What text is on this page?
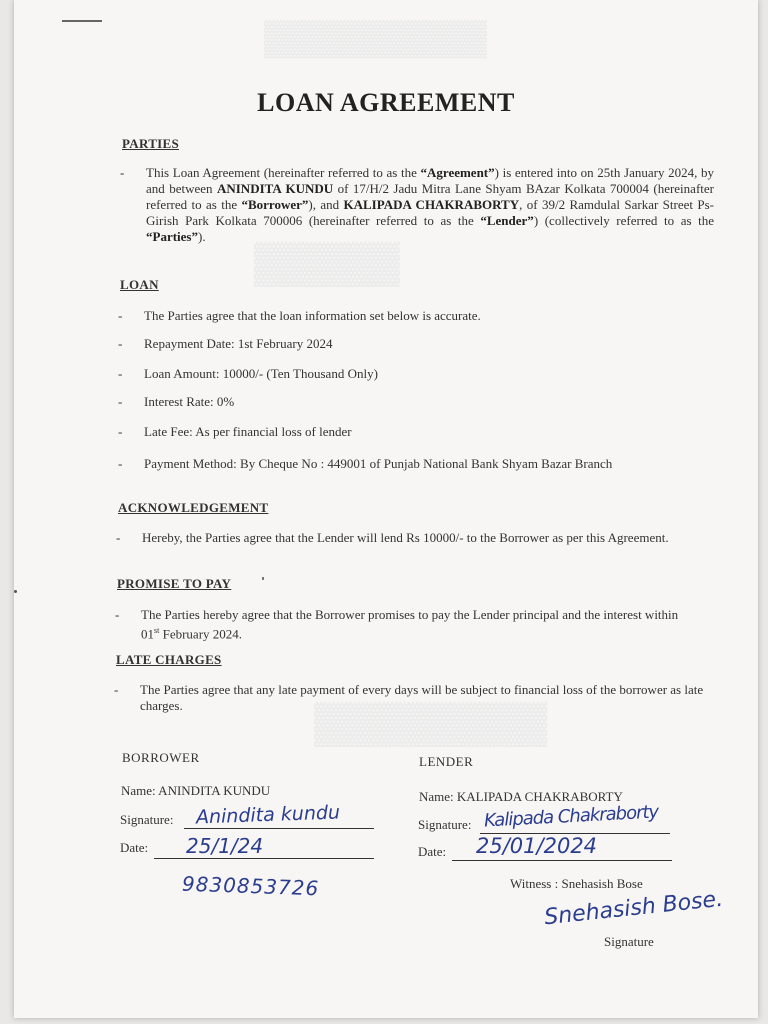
▓▓▓▓▓▓▓▓▓
▓▓▓▓▓
▓▓▓▓▓▓▓▓
LOAN AGREEMENT
PARTIES
-	This Loan Agreement (hereinafter referred to as the “Agreement”) is entered into on 25th January 2024, by and between ANINDITA KUNDU of 17/H/2 Jadu Mitra Lane Shyam BAzar Kolkata 700004 (hereinafter referred to as the “Borrower”), and KALIPADA CHAKRABORTY, of 39/2 Ramdulal Sarkar Street Ps- Girish Park Kolkata 700006 (hereinafter referred to as the “Lender”) (collectively referred to as the “Parties”).
LOAN
-	The Parties agree that the loan information set below is accurate.
-	Repayment Date: 1st February 2024
-	Loan Amount: 10000/- (Ten Thousand Only)
-	Interest Rate: 0%
-	Late Fee: As per financial loss of lender
-	Payment Method: By Cheque No : 449001 of Punjab National Bank Shyam Bazar Branch
ACKNOWLEDGEMENT
-	Hereby, the Parties agree that the Lender will lend Rs 10000/- to the Borrower as per this Agreement.
PROMISE TO PAY
-	The Parties hereby agree that the Borrower promises to pay the Lender principal and the interest within 01st February 2024.
LATE CHARGES
-	The Parties agree that any late payment of every days will be subject to financial loss of the borrower as late charges.
BORROWER
Name: ANINDITA KUNDU
Signature: Anindita kundu
Date: 25/1/24
9830853726
LENDER
Name: KALIPADA CHAKRABORTY
Signature: Kalipada Chakraborty
Date: 25/01/2024
Witness : Snehasish Bose
Snehasish Bose.
Signature
